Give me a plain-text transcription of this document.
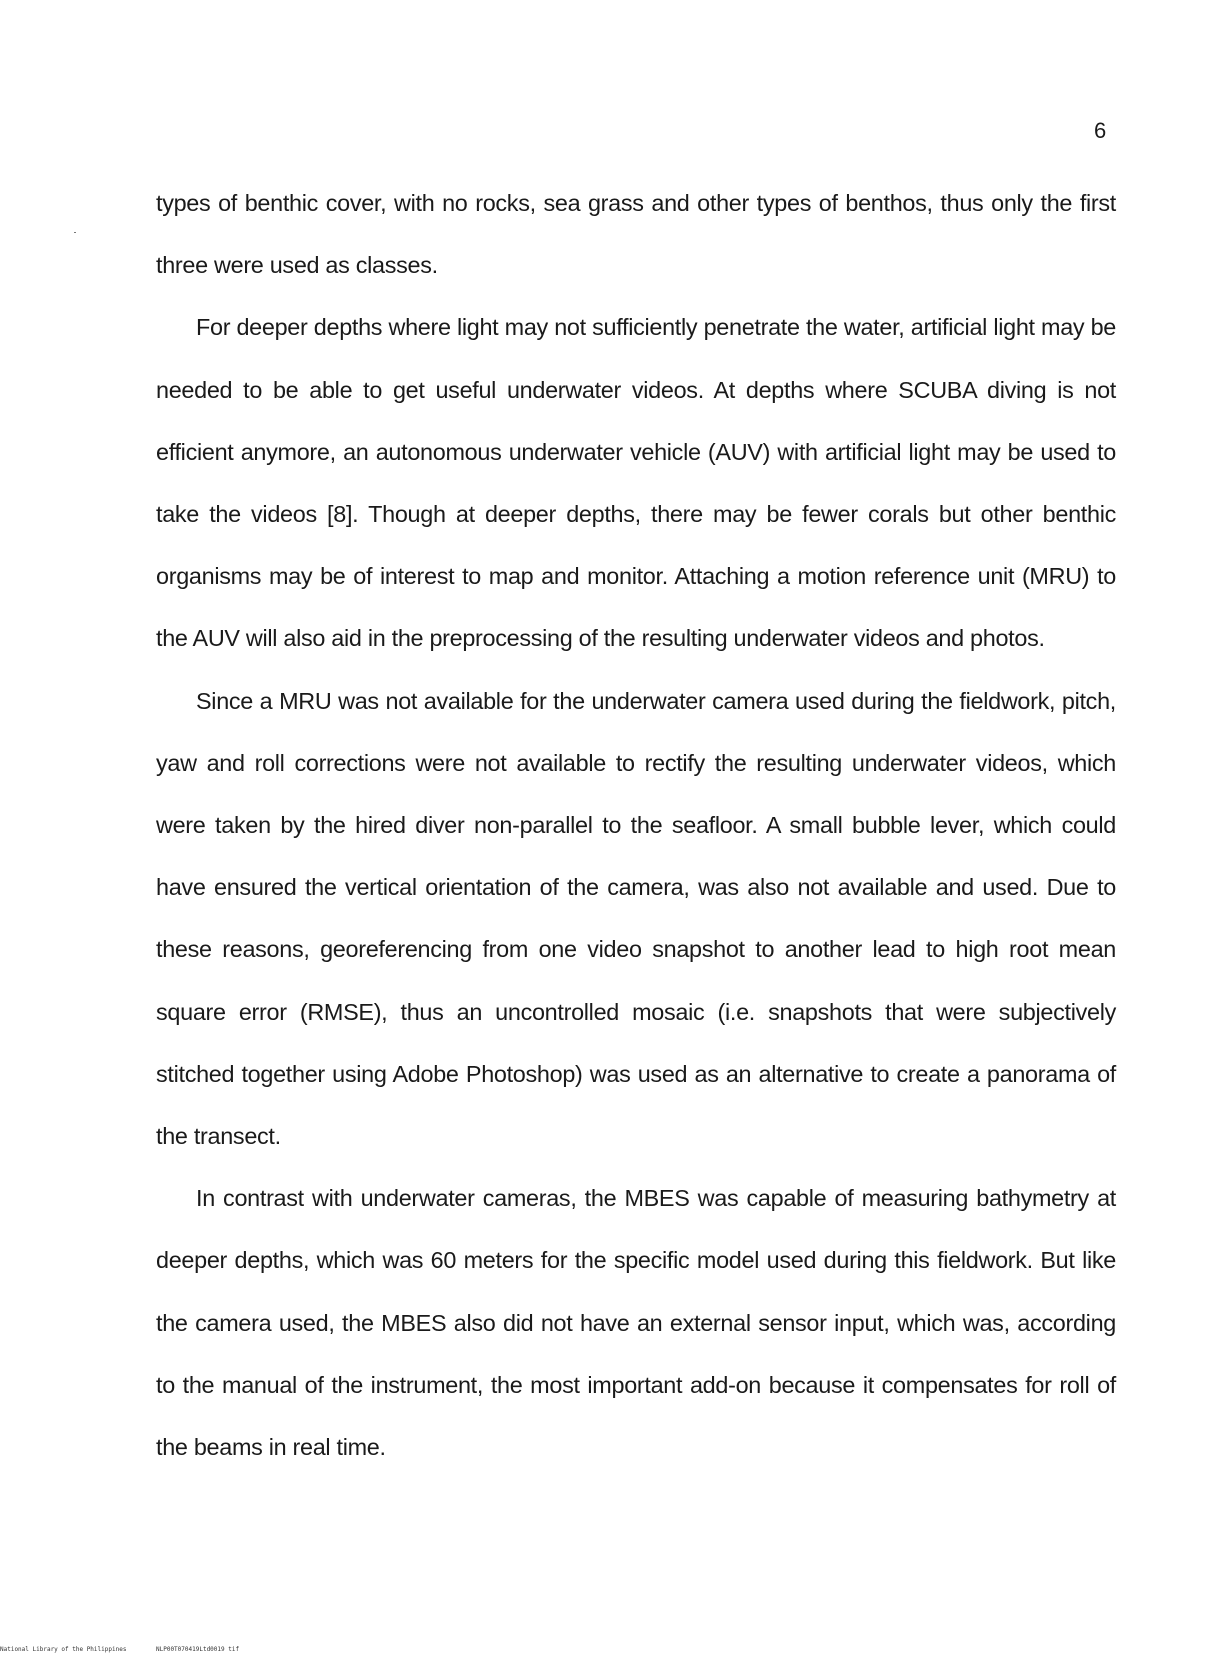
6

types of benthic cover, with no rocks, sea grass and other types of benthos, thus only the first three were used as classes.

For deeper depths where light may not sufficiently penetrate the water, artificial light may be needed to be able to get useful underwater videos. At depths where SCUBA diving is not efficient anymore, an autonomous underwater vehicle (AUV) with artificial light may be used to take the videos [8]. Though at deeper depths, there may be fewer corals but other benthic organisms may be of interest to map and monitor. Attaching a motion reference unit (MRU) to the AUV will also aid in the preprocessing of the resulting underwater videos and photos.

Since a MRU was not available for the underwater camera used during the fieldwork, pitch, yaw and roll corrections were not available to rectify the resulting underwater videos, which were taken by the hired diver non-parallel to the seafloor. A small bubble lever, which could have ensured the vertical orientation of the camera, was also not available and used. Due to these reasons, georeferencing from one video snapshot to another lead to high root mean square error (RMSE), thus an uncontrolled mosaic (i.e. snapshots that were subjectively stitched together using Adobe Photoshop) was used as an alternative to create a panorama of the transect.

In contrast with underwater cameras, the MBES was capable of measuring bathymetry at deeper depths, which was 60 meters for the specific model used during this fieldwork. But like the camera used, the MBES also did not have an external sensor input, which was, according to the manual of the instrument, the most important add-on because it compensates for roll of the beams in real time.

National Library of the Philippines	NLP00T070419Ltd0019 tif
